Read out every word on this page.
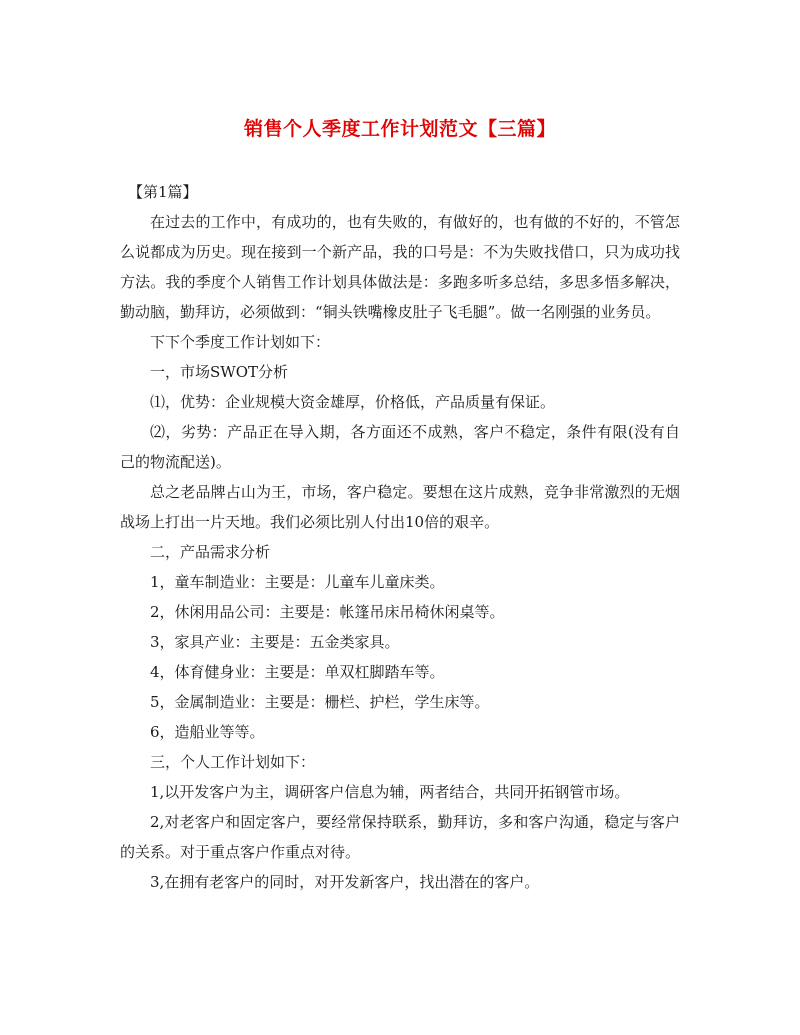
销售个人季度工作计划范文【三篇】

【第1篇】

在过去的工作中，有成功的，也有失败的，有做好的，也有做的不好的，不管怎么说都成为历史。现在接到一个新产品，我的口号是：不为失败找借口，只为成功找方法。我的季度个人销售工作计划具体做法是：多跑多听多总结，多思多悟多解决，勤动脑，勤拜访，必须做到：“铜头铁嘴橡皮肚子飞毛腿”。做一名刚强的业务员。

下下个季度工作计划如下：

一，市场SWOT分析

⑴，优势：企业规模大资金雄厚，价格低，产品质量有保证。

⑵，劣势：产品正在导入期，各方面还不成熟，客户不稳定，条件有限(没有自己的物流配送)。

总之老品牌占山为王，市场，客户稳定。要想在这片成熟，竞争非常激烈的无烟战场上打出一片天地。我们必须比别人付出10倍的艰辛。

二，产品需求分析

1，童车制造业：主要是：儿童车儿童床类。

2，休闲用品公司：主要是：帐篷吊床吊椅休闲桌等。

3，家具产业：主要是：五金类家具。

4，体育健身业：主要是：单双杠脚踏车等。

5，金属制造业：主要是：栅栏、护栏，学生床等。

6，造船业等等。

三，个人工作计划如下：

1,以开发客户为主，调研客户信息为辅，两者结合，共同开拓钢管市场。

2,对老客户和固定客户，要经常保持联系，勤拜访，多和客户沟通，稳定与客户的关系。对于重点客户作重点对待。

3,在拥有老客户的同时，对开发新客户，找出潜在的客户。
